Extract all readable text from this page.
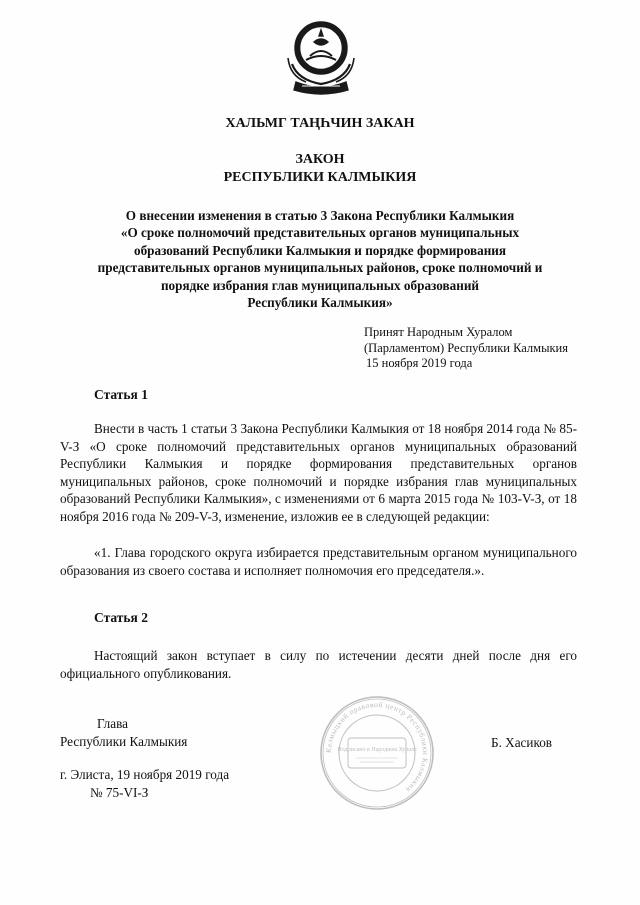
ХАЛЬМГ ТАҢҺЧИН ЗАКАН
ЗАКОН
РЕСПУБЛИКИ КАЛМЫКИЯ
О внесении изменения в статью 3 Закона Республики Калмыкия
«О сроке полномочий представительных органов муниципальных
образований Республики Калмыкия и порядке формирования
представительных органов муниципальных районов, сроке полномочий и
порядке избрания глав муниципальных образований
Республики Калмыкия»
Принят Народным Хуралом
(Парламентом) Республики Калмыкия
15 ноября 2019 года
Статья 1
Внести в часть 1 статьи 3 Закона Республики Калмыкия от 18 ноября 2014 года № 85-V-З «О сроке полномочий представительных органов муниципальных образований Республики Калмыкия и порядке формирования представительных органов муниципальных районов, сроке полномочий и порядке избрания глав муниципальных образований Республики Калмыкия», с изменениями от 6 марта 2015 года № 103-V-З, от 18 ноября 2016 года № 209-V-З, изменение, изложив ее в следующей редакции:
«1. Глава городского округа избирается представительным органом муниципального образования из своего состава и исполняет полномочия его председателя.».
Статья 2
Настоящий закон вступает в силу по истечении десяти дней после дня его официального опубликования.
Глава
Республики Калмыкия
Калмыцкий правовой центр Республики Калмыкия
Подписано в Народном Хурале	Б. Хасиков
г. Элиста, 19 ноября 2019 года
№ 75-VI-З
